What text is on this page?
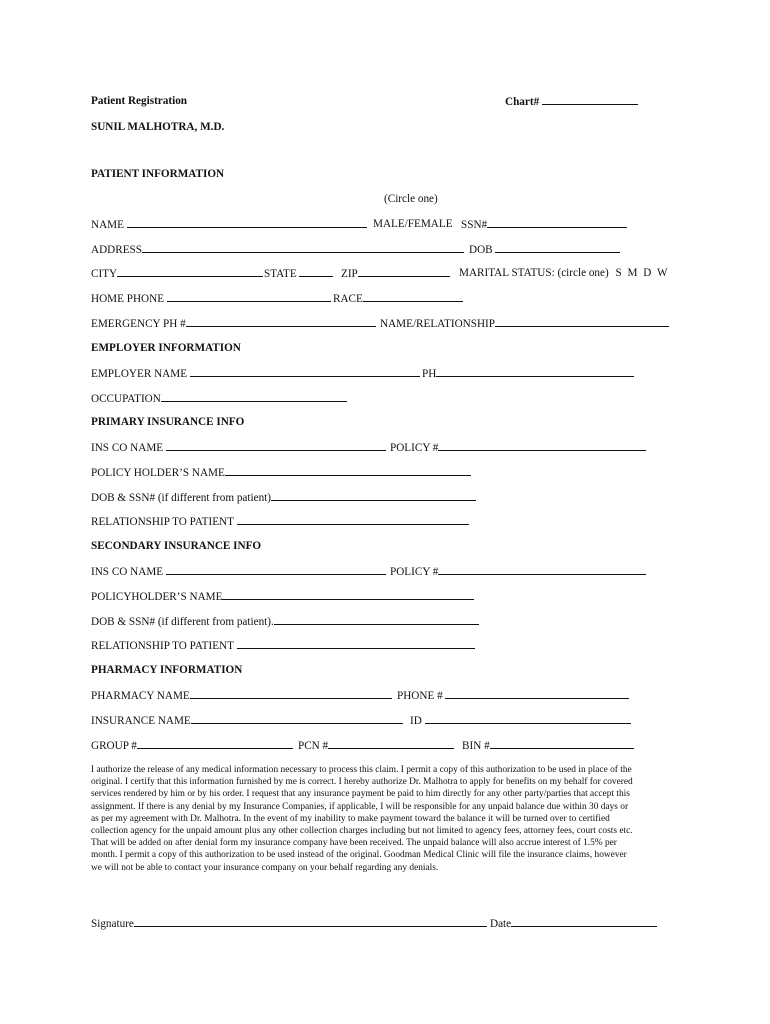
Patient Registration	Chart#
SUNIL MALHOTRA, M.D.
PATIENT INFORMATION
(Circle one)
NAME	MALE/FEMALE SSN#
ADDRESS	DOB
CITY	STATE	ZIP	MARITAL STATUS: (circle one) S M D W
HOME PHONE	RACE
EMERGENCY PH #	NAME/RELATIONSHIP
EMPLOYER INFORMATION
EMPLOYER NAME	PH
OCCUPATION
PRIMARY INSURANCE INFO
INS CO NAME	POLICY #
POLICY HOLDER’S NAME
DOB & SSN# (if different from patient)
RELATIONSHIP TO PATIENT
SECONDARY INSURANCE INFO
INS CO NAME	POLICY #
POLICYHOLDER’S NAME
DOB & SSN# (if different from patient).
RELATIONSHIP TO PATIENT
PHARMACY INFORMATION
PHARMACY NAME	PHONE #
INSURANCE NAME	ID
GROUP #	PCN #	BIN #
I authorize the release of any medical information necessary to process this claim. I permit a copy of this authorization to be used in place of the
original. I certify that this information furnished by me is correct. I hereby authorize Dr. Malhotra to apply for benefits on my behalf for covered
services rendered by him or by his order. I request that any insurance payment be paid to him directly for any other party/parties that accept this
assignment. If there is any denial by my Insurance Companies, if applicable, I will be responsible for any unpaid balance due within 30 days or
as per my agreement with Dr. Malhotra. In the event of my inability to make payment toward the balance it will be turned over to certified
collection agency for the unpaid amount plus any other collection charges including but not limited to agency fees, attorney fees, court costs etc.
That will be added on after denial form my insurance company have been received. The unpaid balance will also accrue interest of 1.5% per
month. I permit a copy of this authorization to be used instead of the original. Goodman Medical Clinic will file the insurance claims, however
we will not be able to contact your insurance company on your behalf regarding any denials.
Signature	Date
